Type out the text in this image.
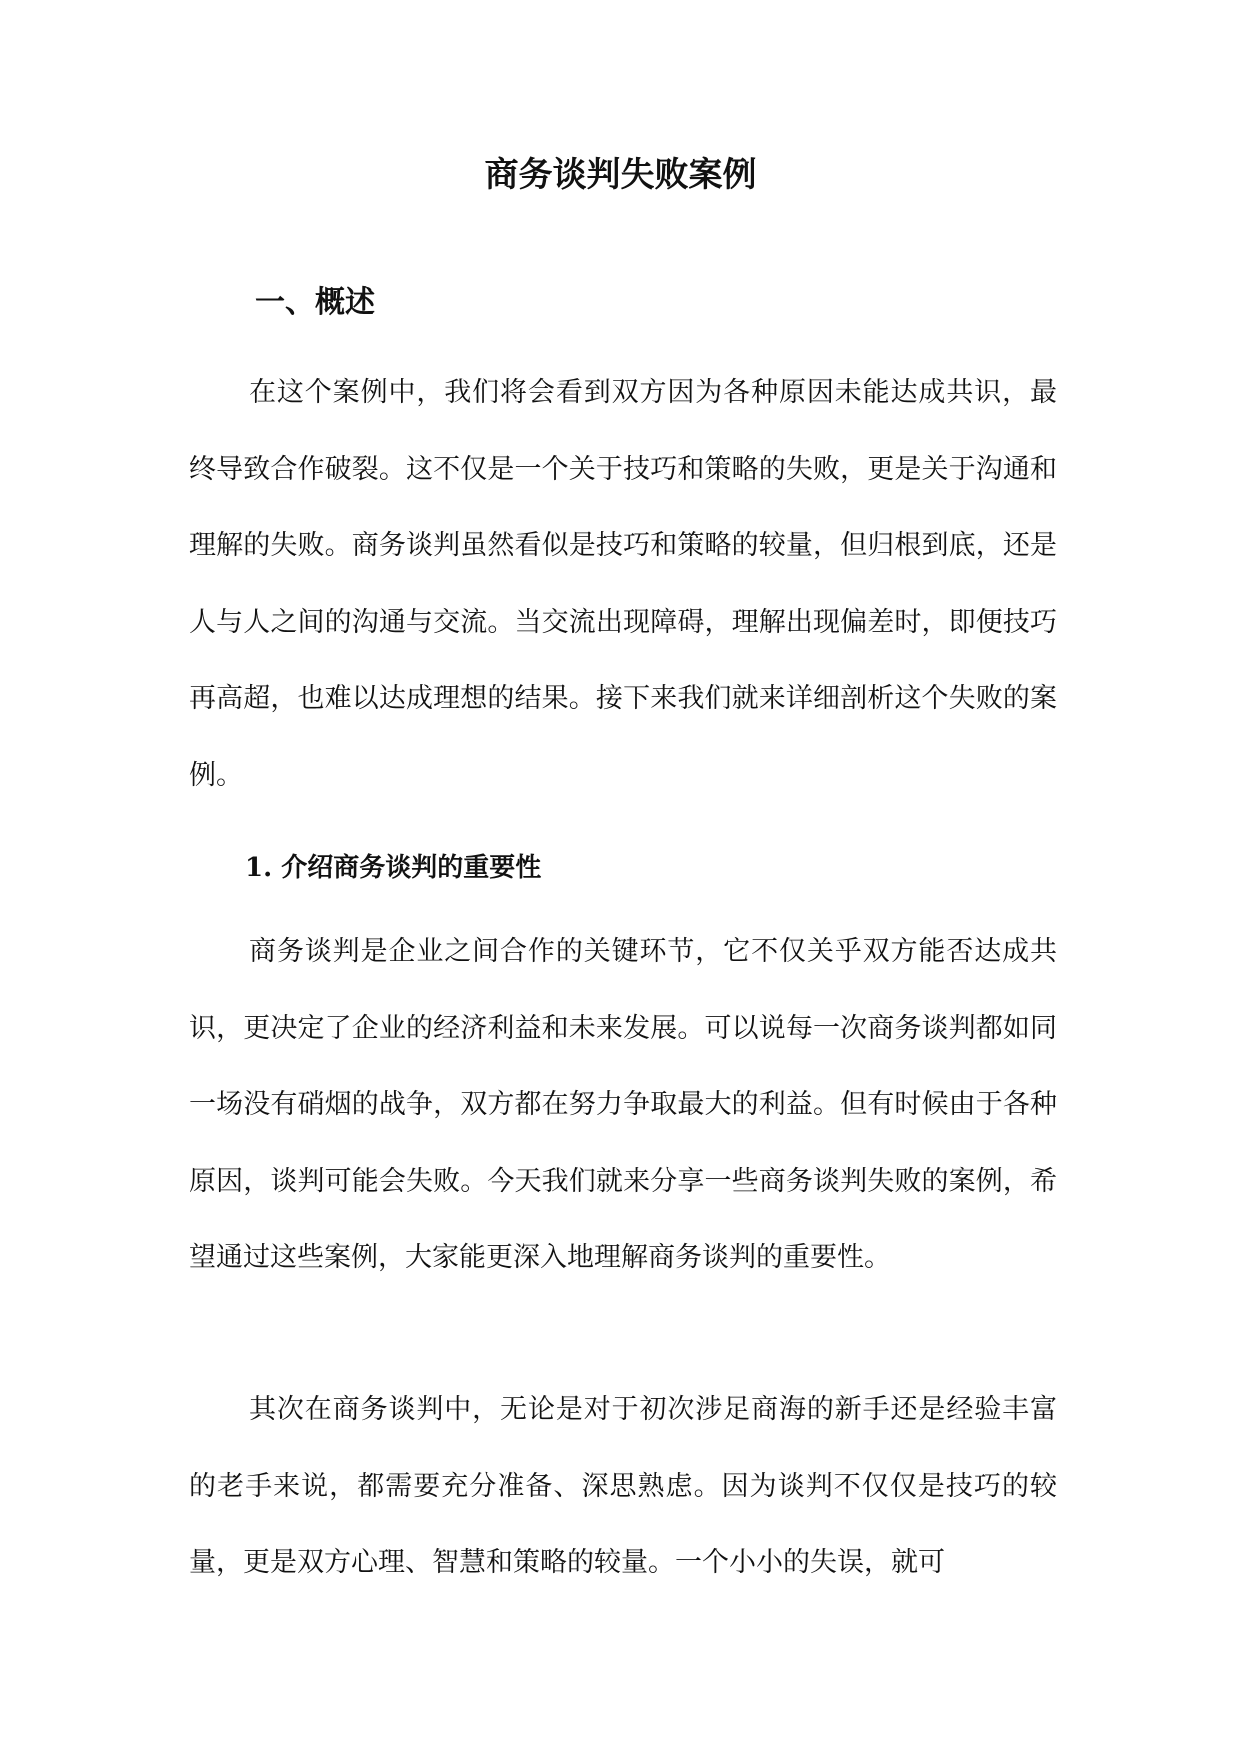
商务谈判失败案例
一、概述

在这个案例中，我们将会看到双方因为各种原因未能达成共识，最终导致合作破裂。这不仅是一个关于技巧和策略的失败，更是关于沟通和理解的失败。商务谈判虽然看似是技巧和策略的较量，但归根到底，还是人与人之间的沟通与交流。当交流出现障碍，理解出现偏差时，即便技巧再高超，也难以达成理想的结果。接下来我们就来详细剖析这个失败的案例。

1. 介绍商务谈判的重要性

商务谈判是企业之间合作的关键环节，它不仅关乎双方能否达成共识，更决定了企业的经济利益和未来发展。可以说每一次商务谈判都如同一场没有硝烟的战争，双方都在努力争取最大的利益。但有时候由于各种原因，谈判可能会失败。今天我们就来分享一些商务谈判失败的案例，希望通过这些案例，大家能更深入地理解商务谈判的重要性。

其次在商务谈判中，无论是对于初次涉足商海的新手还是经验丰富的老手来说，都需要充分准备、深思熟虑。因为谈判不仅仅是技巧的较量，更是双方心理、智慧和策略的较量。一个小小的失误，就可
